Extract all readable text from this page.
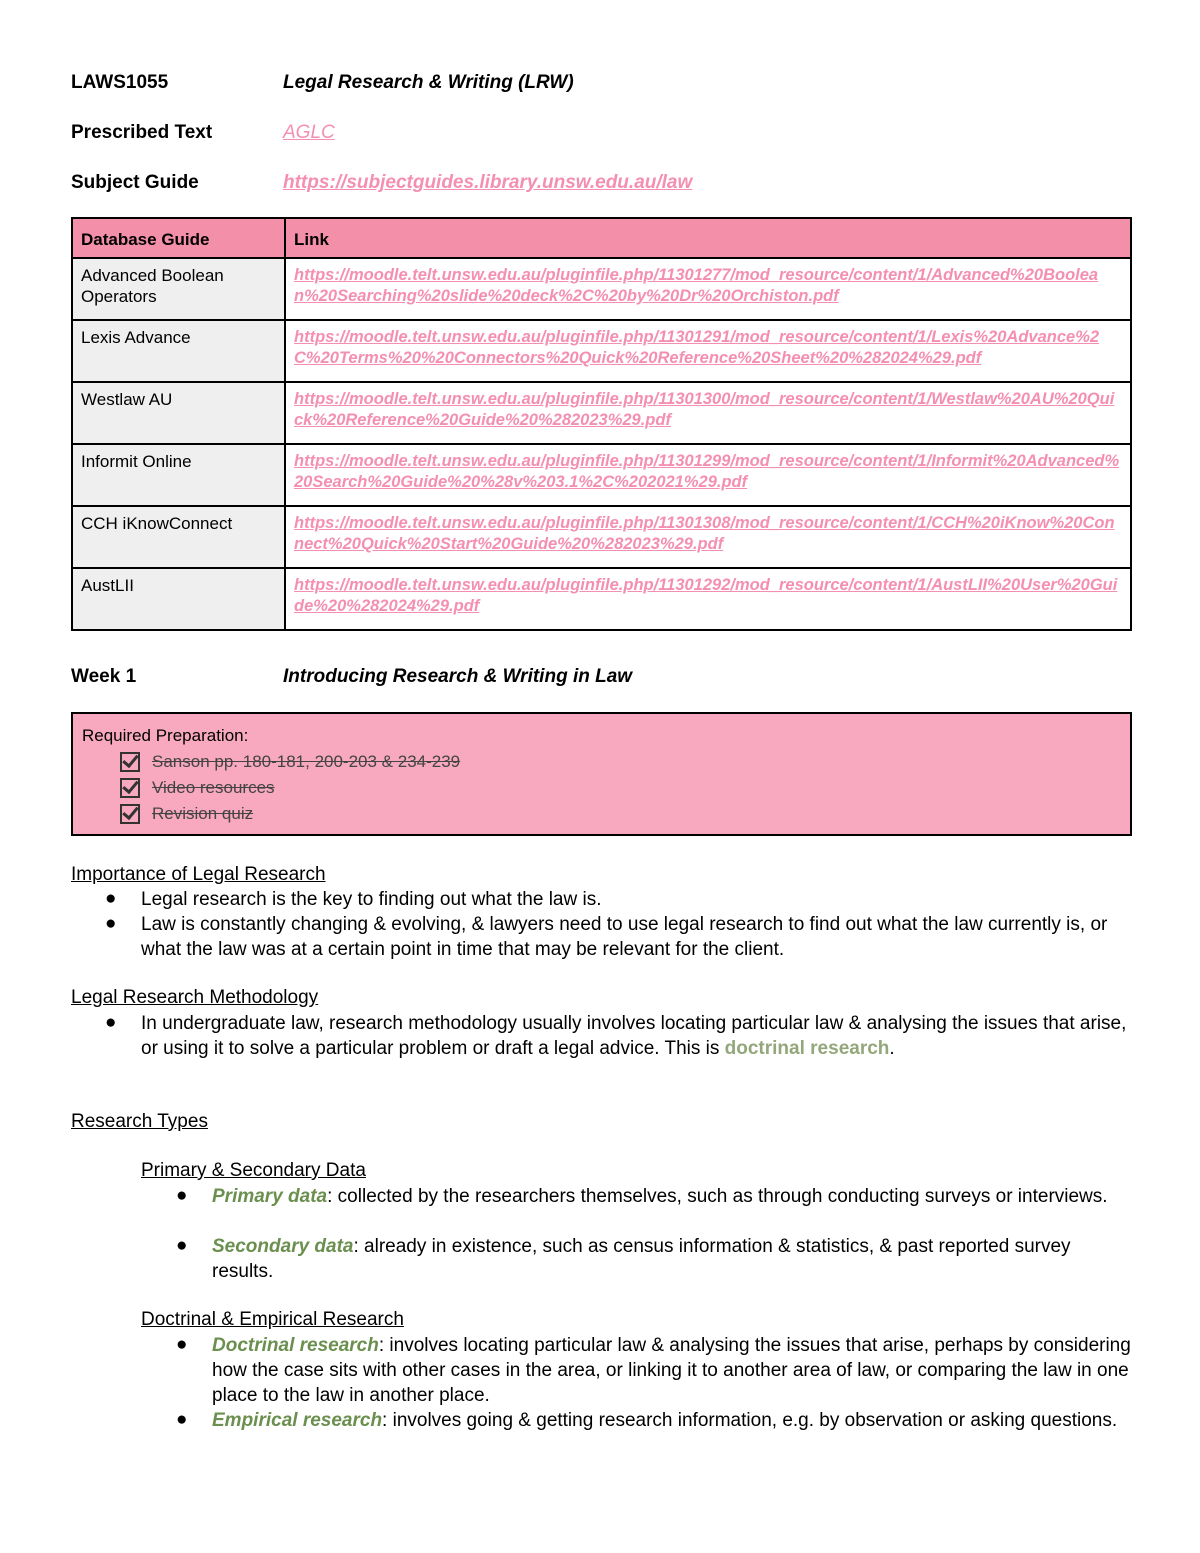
LAWS1055	Legal Research & Writing (LRW)
Prescribed Text	AGLC
Subject Guide	https://subjectguides.library.unsw.edu.au/law
Database Guide	Link
Advanced Boolean Operators	https://moodle.telt.unsw.edu.au/pluginfile.php/11301277/mod_resource/content/1/Advanced%20Boolean%20Searching%20slide%20deck%2C%20by%20Dr%20Orchiston.pdf
Lexis Advance	https://moodle.telt.unsw.edu.au/pluginfile.php/11301291/mod_resource/content/1/Lexis%20Advance%2C%20Terms%20%20Connectors%20Quick%20Reference%20Sheet%20%282024%29.pdf
Westlaw AU	https://moodle.telt.unsw.edu.au/pluginfile.php/11301300/mod_resource/content/1/Westlaw%20AU%20Quick%20Reference%20Guide%20%282023%29.pdf
Informit Online	https://moodle.telt.unsw.edu.au/pluginfile.php/11301299/mod_resource/content/1/Informit%20Advanced%20Search%20Guide%20%28v%203.1%2C%202021%29.pdf
CCH iKnowConnect	https://moodle.telt.unsw.edu.au/pluginfile.php/11301308/mod_resource/content/1/CCH%20iKnow%20Connect%20Quick%20Start%20Guide%20%282023%29.pdf
AustLII	https://moodle.telt.unsw.edu.au/pluginfile.php/11301292/mod_resource/content/1/AustLII%20User%20Guide%20%282024%29.pdf
Week 1	Introducing Research & Writing in Law
Required Preparation:
Sanson pp. 180-181, 200-203 & 234-239
Video resources
Revision quiz
Importance of Legal Research
● Legal research is the key to finding out what the law is.
● Law is constantly changing & evolving, & lawyers need to use legal research to find out what the law currently is, or what the law was at a certain point in time that may be relevant for the client.
Legal Research Methodology
● In undergraduate law, research methodology usually involves locating particular law & analysing the issues that arise, or using it to solve a particular problem or draft a legal advice. This is doctrinal research.
Research Types
Primary & Secondary Data
● Primary data: collected by the researchers themselves, such as through conducting surveys or interviews.
● Secondary data: already in existence, such as census information & statistics, & past reported survey results.
Doctrinal & Empirical Research
● Doctrinal research: involves locating particular law & analysing the issues that arise, perhaps by considering how the case sits with other cases in the area, or linking it to another area of law, or comparing the law in one place to the law in another place.
● Empirical research: involves going & getting research information, e.g. by observation or asking questions.
